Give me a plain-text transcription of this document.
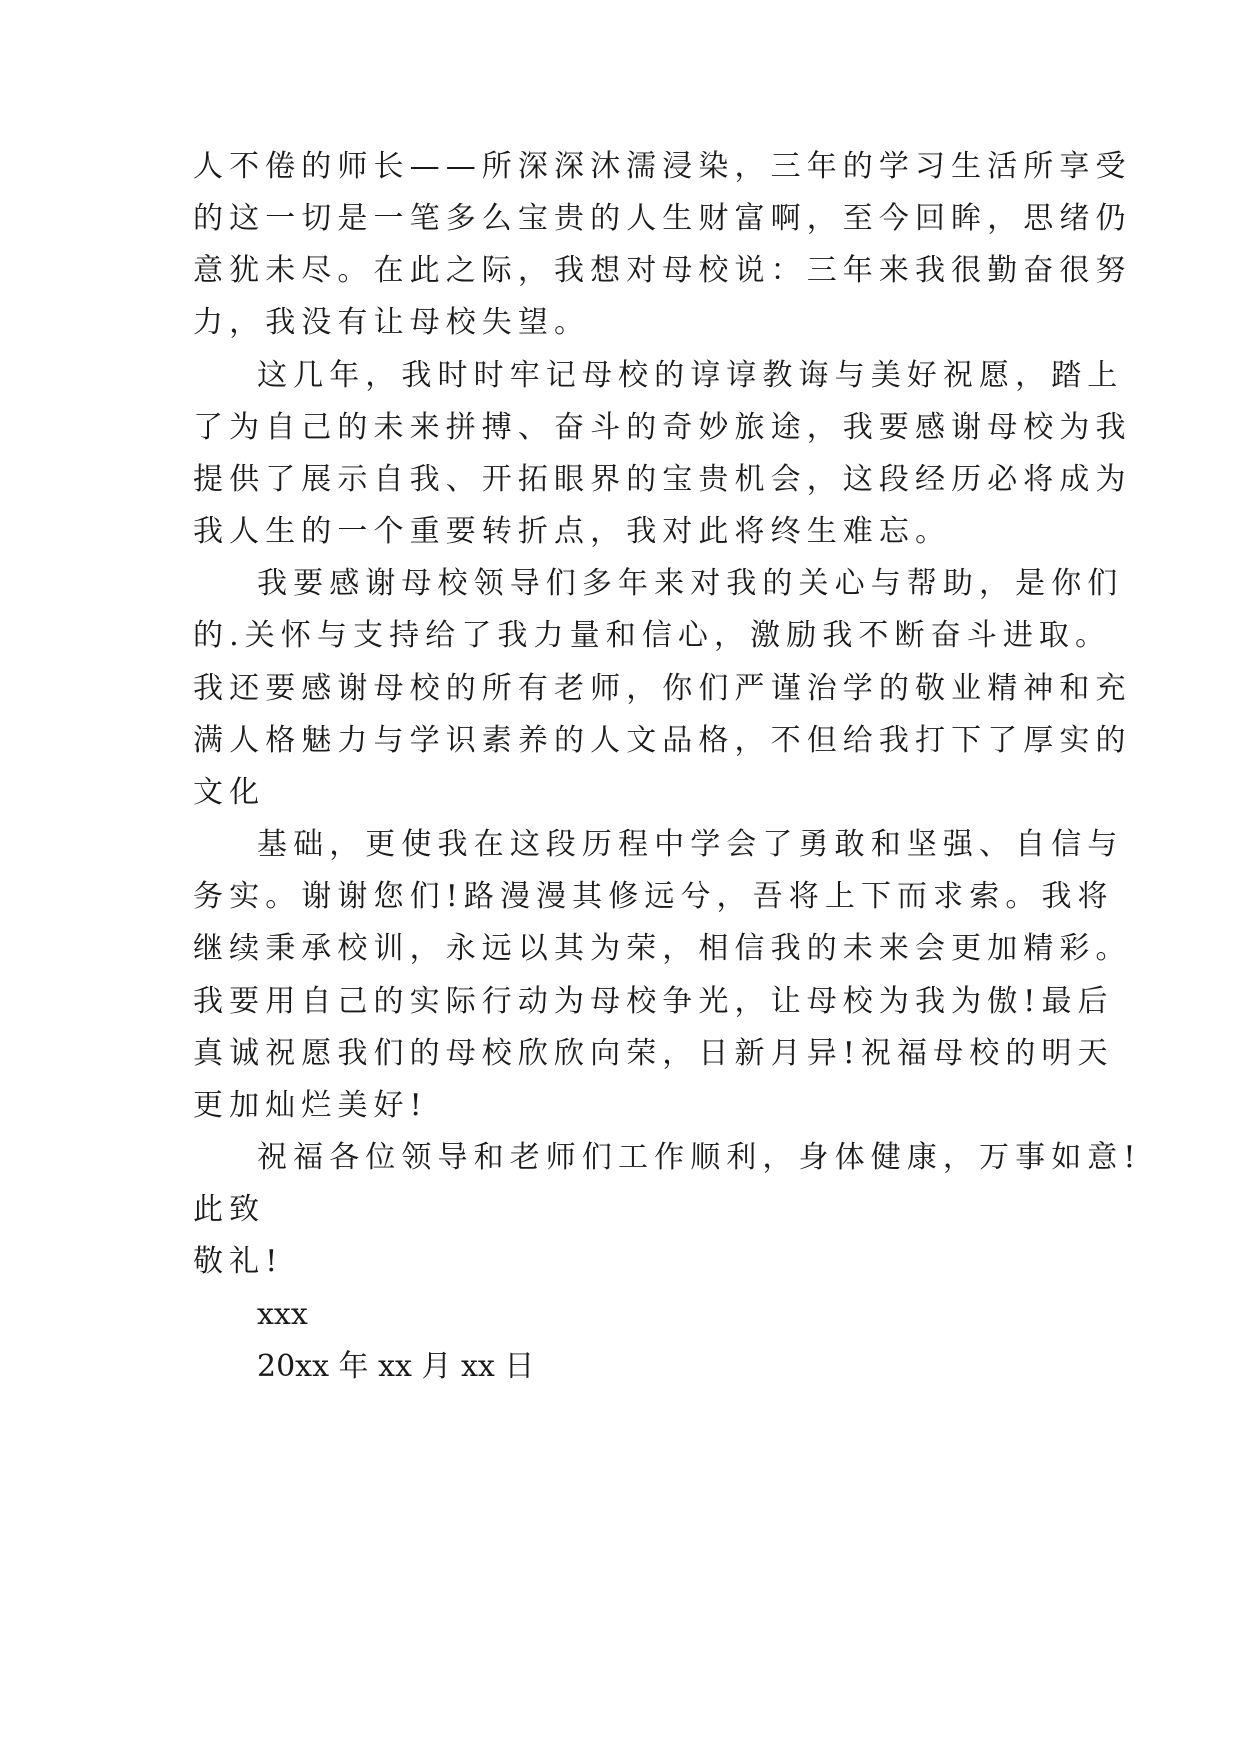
人不倦的师长——所深深沐濡浸染，三年的学习生活所享受
的这一切是一笔多么宝贵的人生财富啊，至今回眸，思绪仍
意犹未尽。在此之际，我想对母校说：三年来我很勤奋很努
力，我没有让母校失望。
这几年，我时时牢记母校的谆谆教诲与美好祝愿，踏上
了为自己的未来拼搏、奋斗的奇妙旅途，我要感谢母校为我
提供了展示自我、开拓眼界的宝贵机会，这段经历必将成为
我人生的一个重要转折点，我对此将终生难忘。
我要感谢母校领导们多年来对我的关心与帮助，是你们
的.关怀与支持给了我力量和信心，激励我不断奋斗进取。
我还要感谢母校的所有老师，你们严谨治学的敬业精神和充
满人格魅力与学识素养的人文品格，不但给我打下了厚实的
文化
基础，更使我在这段历程中学会了勇敢和坚强、自信与
务实。谢谢您们!路漫漫其修远兮，吾将上下而求索。我将
继续秉承校训，永远以其为荣，相信我的未来会更加精彩。
我要用自己的实际行动为母校争光，让母校为我为傲!最后
真诚祝愿我们的母校欣欣向荣，日新月异!祝福母校的明天
更加灿烂美好!
祝福各位领导和老师们工作顺利，身体健康，万事如意!
此致
敬礼!
xxx
20xx 年 xx 月 xx 日
